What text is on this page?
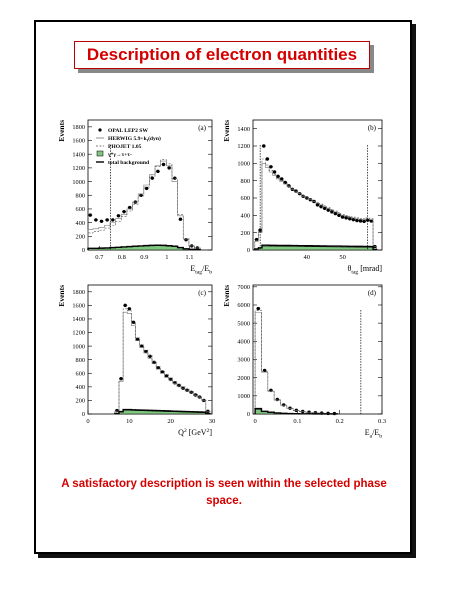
Description of electron quantities
0
200
400
600
800
1000
1200
1400
1600
1800
0.7 0.8 0.9	1	1.1
$E_{tag}/E_b$
Events	(a)
OPAL LEP2 SW
HERWIG $5.9+k_t(dyn)$
PHOJET 1.05
γ*γ→τ+τ-
total background
0
200
400
600
800
1000
1200
1400
40	50
$\theta_{tag}$ [mrad]
Events	(b)
0
200
400
600
800
1000
1200
1400
1600
1800
0	10	20	30
$Q^2$ [GeV$^2$]
Events	(c)
0
1000
2000
3000
4000
5000
6000
7000
0	0.1	0.2	0.3
$E_a/E_b$
Events	(d)
A satisfactory description is seen within the selected phase space.
